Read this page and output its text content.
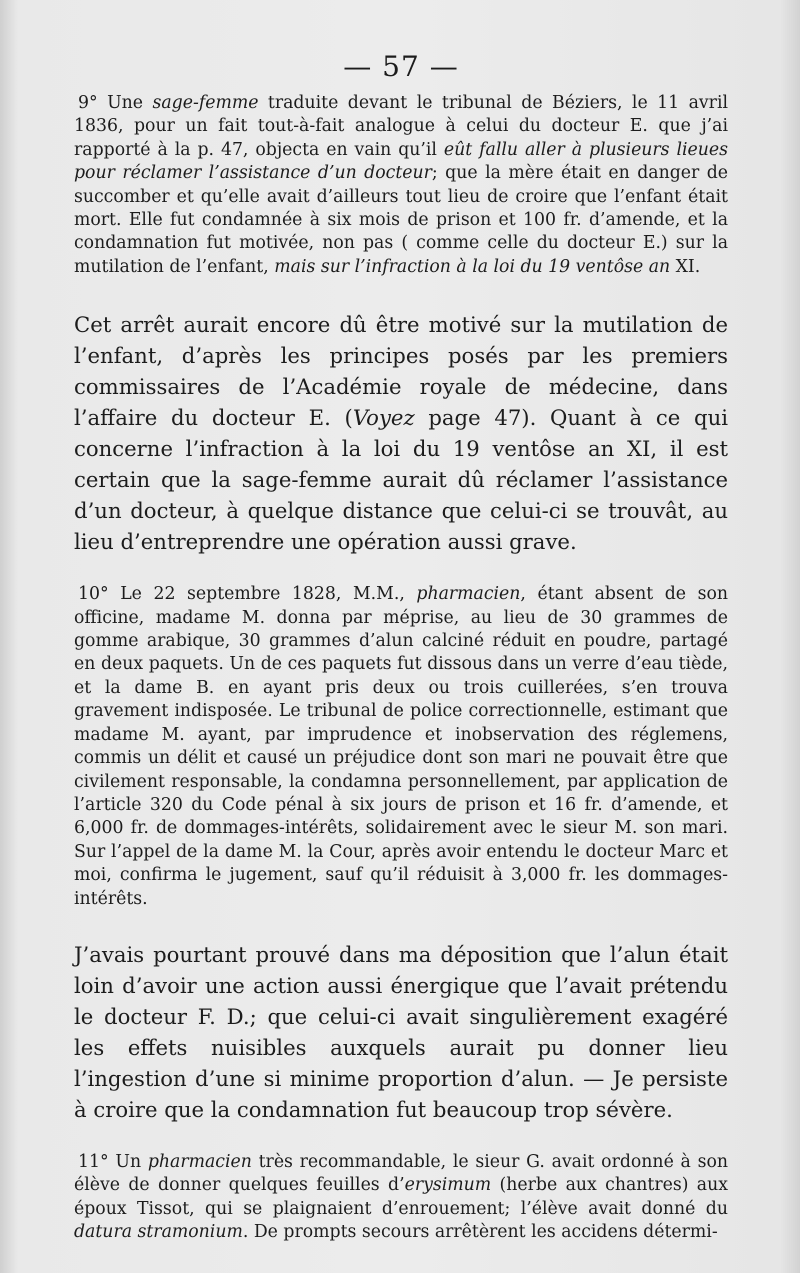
— 57 —

9° Une sage-femme traduite devant le tribunal de Béziers, le 11 avril 1836, pour un fait tout-à-fait analogue à celui du docteur E. que j’ai rapporté à la p. 47, objecta en vain qu’il eût fallu aller à plusieurs lieues pour réclamer l’assistance d’un docteur; que la mère était en danger de succomber et qu’elle avait d’ailleurs tout lieu de croire que l’enfant était mort. Elle fut condamnée à six mois de prison et 100 fr. d’amende, et la condamnation fut motivée, non pas ( comme celle du docteur E.) sur la mutilation de l’enfant, mais sur l’infraction à la loi du 19 ventôse an XI.

Cet arrêt aurait encore dû être motivé sur la mutilation de l’enfant, d’après les principes posés par les premiers commissaires de l’Académie royale de médecine, dans l’affaire du docteur E. (Voyez page 47). Quant à ce qui concerne l’infraction à la loi du 19 ventôse an XI, il est certain que la sage-femme aurait dû réclamer l’assistance d’un docteur, à quelque distance que celui-ci se trouvât, au lieu d’entreprendre une opération aussi grave.

10° Le 22 septembre 1828, M.M., pharmacien, étant absent de son officine, madame M. donna par méprise, au lieu de 30 grammes de gomme arabique, 30 grammes d’alun calciné réduit en poudre, partagé en deux paquets. Un de ces paquets fut dissous dans un verre d’eau tiède, et la dame B. en ayant pris deux ou trois cuillerées, s’en trouva gravement indisposée. Le tribunal de police correctionnelle, estimant que madame M. ayant, par imprudence et inobservation des réglemens, commis un délit et causé un préjudice dont son mari ne pouvait être que civilement responsable, la condamna personnellement, par application de l’article 320 du Code pénal à six jours de prison et 16 fr. d’amende, et 6,000 fr. de dommages-intérêts, solidairement avec le sieur M. son mari. Sur l’appel de la dame M. la Cour, après avoir entendu le docteur Marc et moi, confirma le jugement, sauf qu’il réduisit à 3,000 fr. les dommages-intérêts.

J’avais pourtant prouvé dans ma déposition que l’alun était loin d’avoir une action aussi énergique que l’avait prétendu le docteur F. D.; que celui-ci avait singulièrement exagéré les effets nuisibles auxquels aurait pu donner lieu l’ingestion d’une si minime proportion d’alun. — Je persiste à croire que la condamnation fut beaucoup trop sévère.

11° Un pharmacien très recommandable, le sieur G. avait ordonné à son élève de donner quelques feuilles d’erysimum (herbe aux chantres) aux époux Tissot, qui se plaignaient d’enrouement; l’élève avait donné du datura stramonium. De prompts secours arrêtèrent les accidens détermi-
